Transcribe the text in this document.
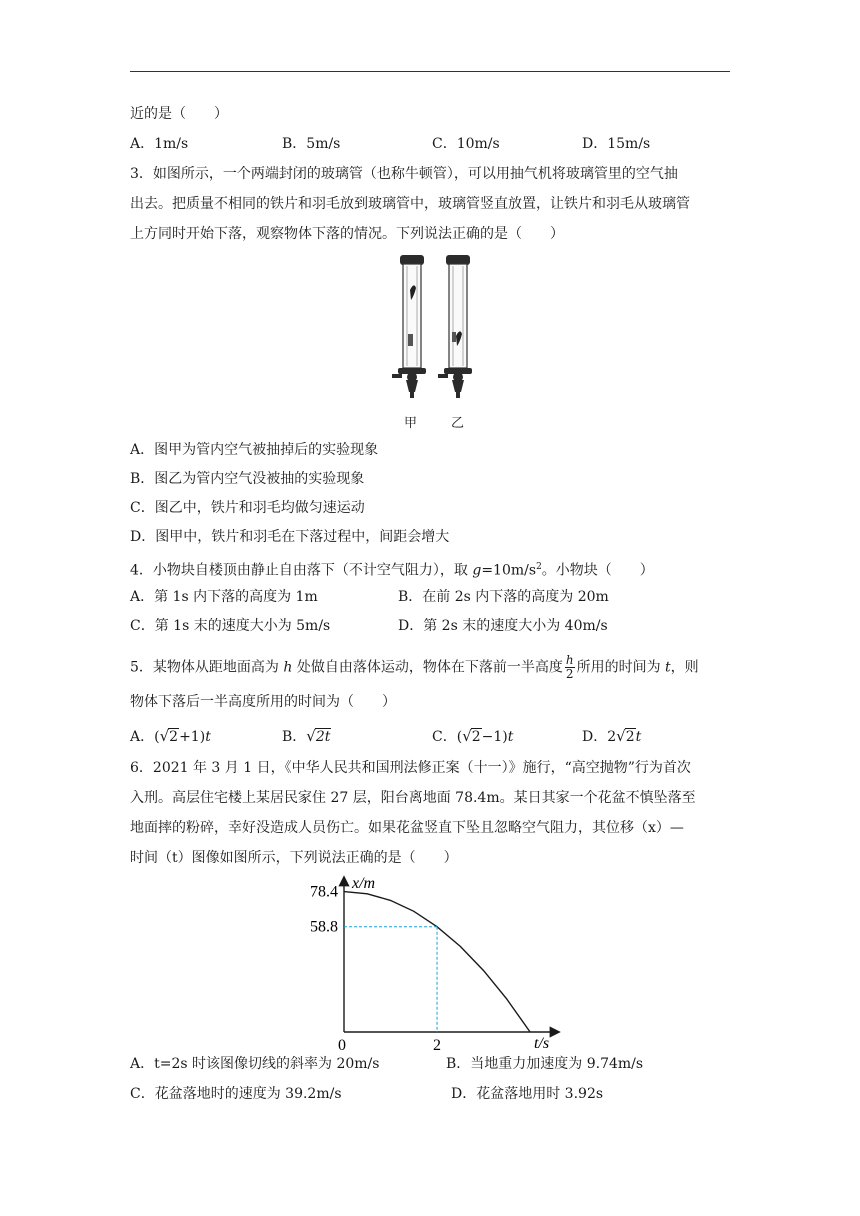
近的是（　　）
A．1m/s	B．5m/s	C．10m/s	D．15m/s
3．如图所示，一个两端封闭的玻璃管（也称牛顿管），可以用抽气机将玻璃管里的空气抽
出去。把质量不相同的铁片和羽毛放到玻璃管中，玻璃管竖直放置，让铁片和羽毛从玻璃管
上方同时开始下落，观察物体下落的情况。下列说法正确的是（　　）
甲	乙
A．图甲为管内空气被抽掉后的实验现象
B．图乙为管内空气没被抽的实验现象
C．图乙中，铁片和羽毛均做匀速运动
D．图甲中，铁片和羽毛在下落过程中，间距会增大
4．小物块自楼顶由静止自由落下（不计空气阻力），取 $g=10m/s^2$。小物块（　　）
A．第 1s 内下落的高度为 1m	B．在前 2s 内下落的高度为 20m
C．第 1s 末的速度大小为 5m/s	D．第 2s 末的速度大小为 40m/s
5．某物体从距地面高为 h 处做自由落体运动，物体在下落前一半高度 $\frac{h}{2}$ 所用的时间为 t，则
物体下落后一半高度所用的时间为（　　）
A．(√2+1)t	B．√2t	C．(√2−1)t	D．2√2t
6．2021 年 3 月 1 日，《中华人民共和国刑法修正案（十一）》施行，“高空抛物”行为首次
入刑。高层住宅楼上某居民家住 27 层，阳台离地面 78.4m。某日其家一个花盆不慎坠落至
地面摔的粉碎，幸好没造成人员伤亡。如果花盆竖直下坠且忽略空气阻力，其位移（x）—
时间（t）图像如图所示，下列说法正确的是（　　）
x/m
t/s
0
78.4
58.8
2
A．t=2s 时该图像切线的斜率为 20m/s	B．当地重力加速度为 9.74m/s
C．花盆落地时的速度为 39.2m/s	D．花盆落地用时 3.92s
